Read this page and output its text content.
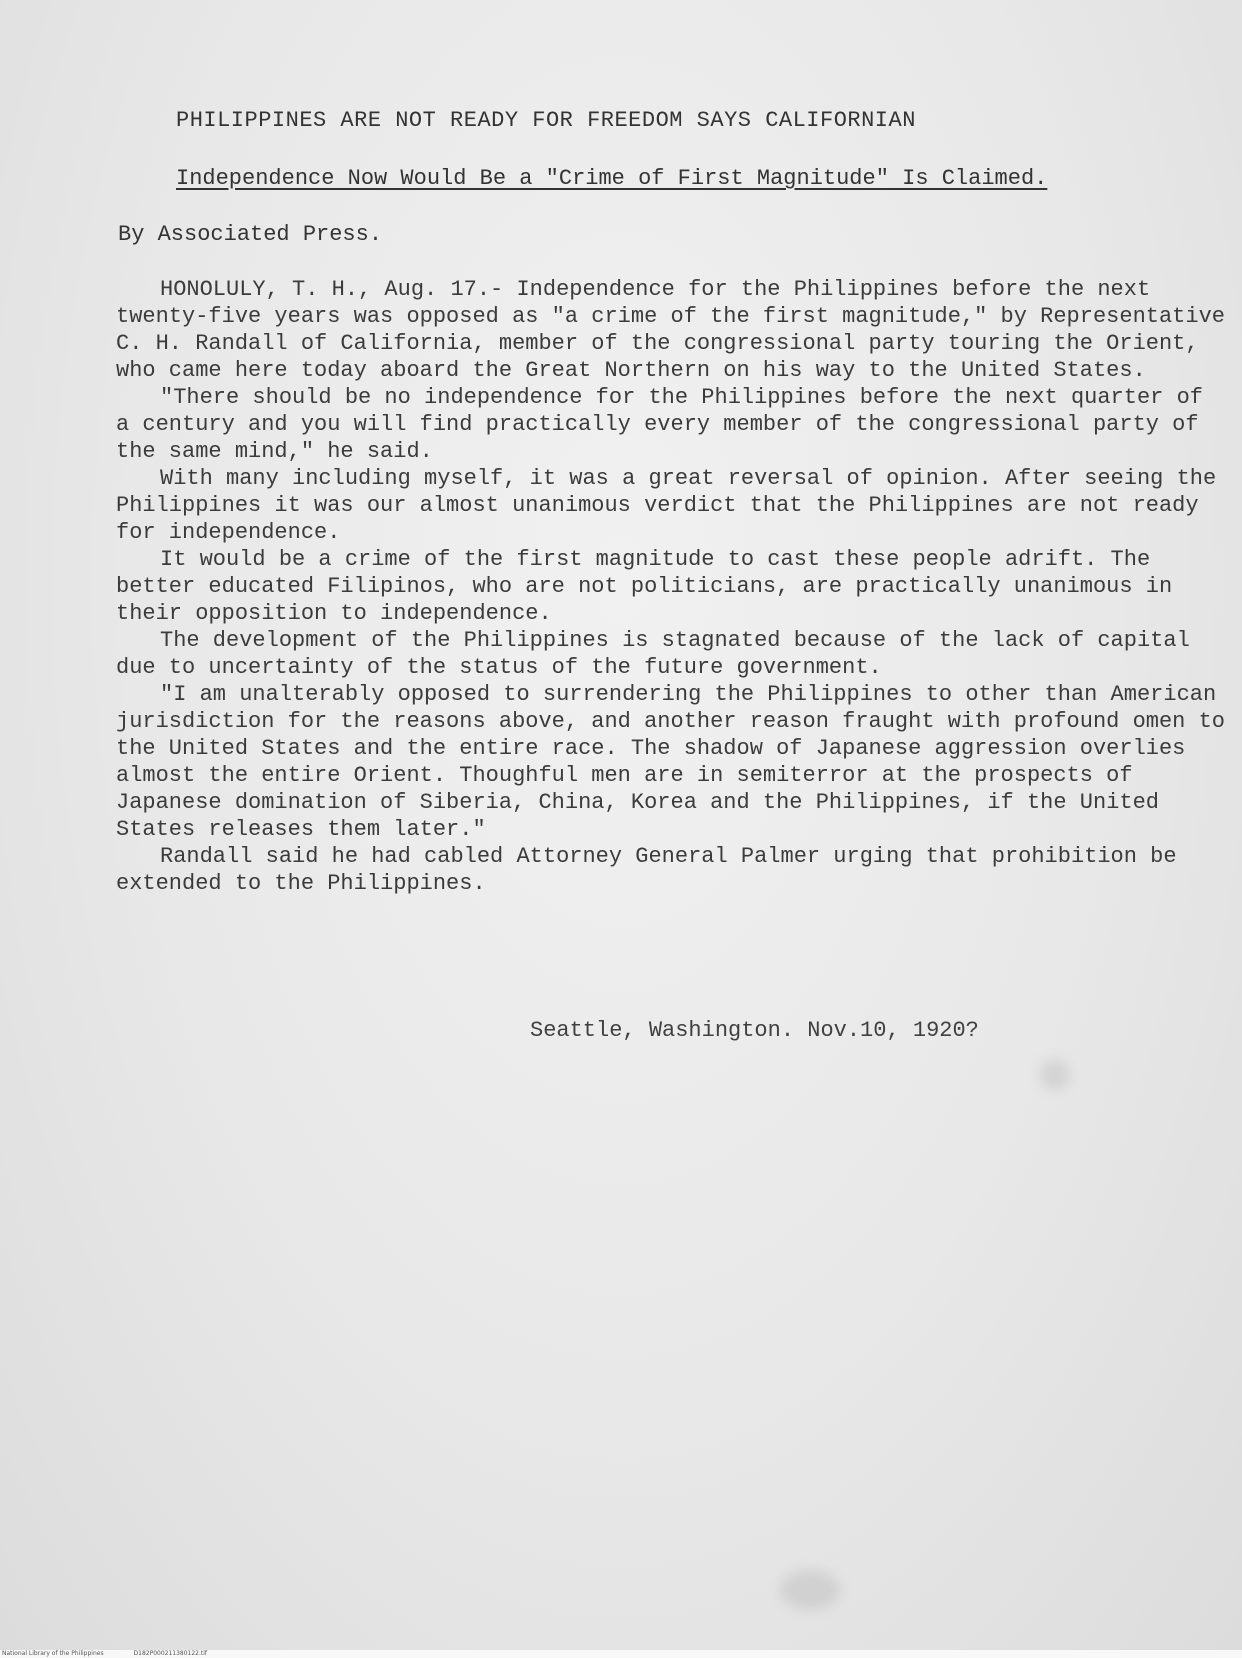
PHILIPPINES ARE NOT READY FOR FREEDOM SAYS CALIFORNIAN
Independence Now Would Be a "Crime of First Magnitude" Is Claimed.
By Associated Press.

HONOLULY, T. H., Aug. 17.- Independence for the Philippines before the next twenty-five years was opposed as "a crime of the first magnitude," by Representative C. H. Randall of California, member of the congressional party touring the Orient, who came here today aboard the Great Northern on his way to the United States.

"There should be no independence for the Philippines before the next quarter of a century and you will find practically every member of the congressional party of the same mind," he said.

With many including myself, it was a great reversal of opinion. After seeing the Philippines it was our almost unanimous verdict that the Philippines are not ready for independence.

It would be a crime of the first magnitude to cast these people adrift. The better educated Filipinos, who are not politicians, are practically unanimous in their opposition to independence.

The development of the Philippines is stagnated because of the lack of capital due to uncertainty of the status of the future government.

"I am unalterably opposed to surrendering the Philippines to other than American jurisdiction for the reasons above, and another reason fraught with profound omen to the United States and the entire race. The shadow of Japanese aggression overlies almost the entire Orient. Thoughful men are in semiterror at the prospects of Japanese domination of Siberia, China, Korea and the Philippines, if the United States releases them later."

Randall said he had cabled Attorney General Palmer urging that prohibition be extended to the Philippines.

Seattle, Washington. Nov.10, 1920?
National Library of the Philippines	D182P000211380122.tif
